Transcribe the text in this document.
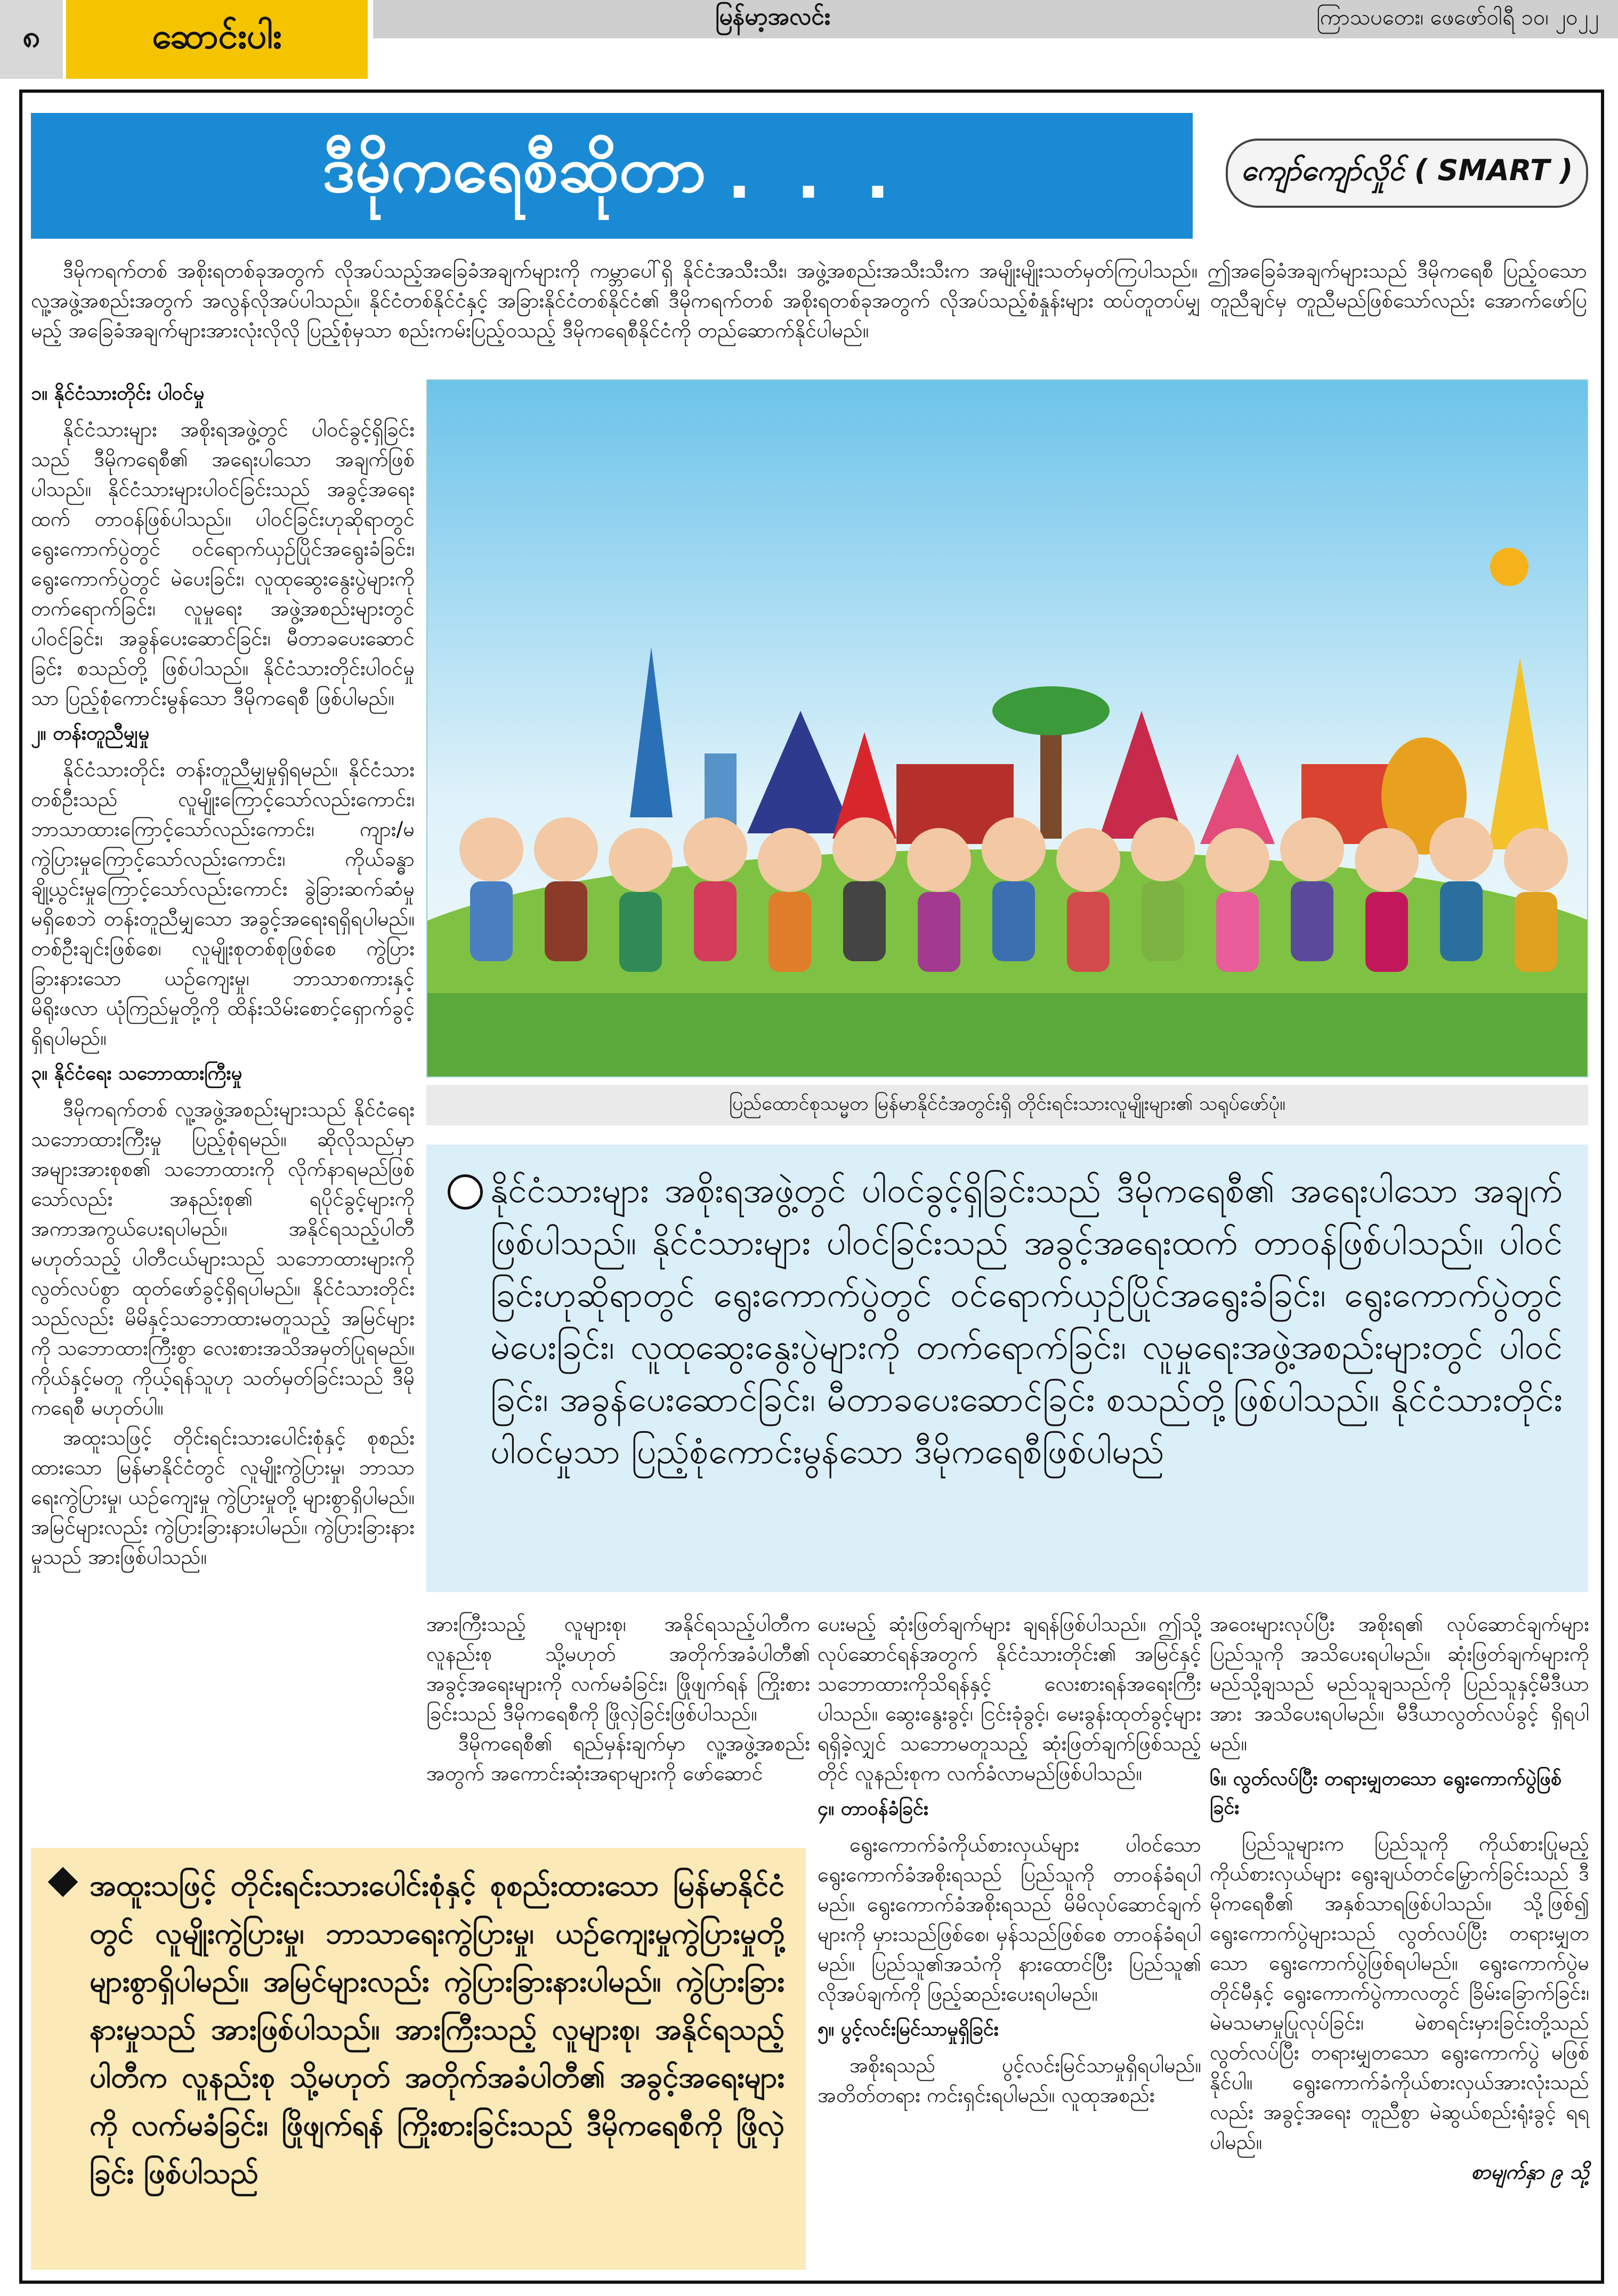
၈	ဆောင်းပါး	မြန်မာ့အလင်း	ကြာသပတေး၊ ဖေဖော်ဝါရီ ၁၀၊ ၂၀၂၂
ဒီမိုကရေစီဆိုတာ . . .	ကျော်ကျော်လှိုင် ( SMART )

ဒီမိုကရက်တစ် အစိုးရတစ်ခုအတွက် လိုအပ်သည့်အခြေခံအချက်များကို ကမ္ဘာပေါ်ရှိ နိုင်ငံအသီးသီး၊ အဖွဲ့အစည်းအသီးသီးက အမျိုးမျိုးသတ်မှတ်ကြပါသည်။ ဤအခြေခံအချက်များသည် ဒီမိုကရေစီ ပြည့်ဝသော လူ့အဖွဲ့အစည်းအတွက် အလွန်လိုအပ်ပါသည်။ နိုင်ငံတစ်နိုင်ငံနှင့် အခြားနိုင်ငံတစ်နိုင်ငံ၏ ဒီမိုကရက်တစ် အစိုးရတစ်ခုအတွက် လိုအပ်သည့်စံနှုန်းများ ထပ်တူတပ်မျှ တူညီချင်မှ တူညီမည်ဖြစ်သော်လည်း အောက်ဖော်ပြမည့် အခြေခံအချက်များအားလုံးလိုလို ပြည့်စုံမှသာ စည်းကမ်းပြည့်ဝသည့် ဒီမိုကရေစီနိုင်ငံကို တည်ဆောက်နိုင်ပါမည်။

၁။ နိုင်ငံသားတိုင်း ပါဝင်မှု

နိုင်ငံသားများ အစိုးရအဖွဲ့တွင် ပါဝင်ခွင့်ရှိခြင်းသည် ဒီမိုကရေစီ၏ အရေးပါသော အချက်ဖြစ်ပါသည်။ နိုင်ငံသားများပါဝင်ခြင်းသည် အခွင့်အရေးထက် တာဝန်ဖြစ်ပါသည်။ ပါဝင်ခြင်းဟုဆိုရာတွင် ရွေးကောက်ပွဲတွင် ဝင်ရောက်ယှဉ်ပြိုင်အရွေးခံခြင်း၊ ရွေးကောက်ပွဲတွင် မဲပေးခြင်း၊ လူထုဆွေးနွေးပွဲများကို တက်ရောက်ခြင်း၊ လူမှုရေး အဖွဲ့အစည်းများတွင် ပါဝင်ခြင်း၊ အခွန်ပေးဆောင်ခြင်း၊ မီတာခပေးဆောင်ခြင်း စသည်တို့ ဖြစ်ပါသည်။ နိုင်ငံသားတိုင်းပါဝင်မှုသာ ပြည့်စုံကောင်းမွန်သော ဒီမိုကရေစီ ဖြစ်ပါမည်။

၂။ တန်းတူညီမျှမှု

နိုင်ငံသားတိုင်း တန်းတူညီမျှမှုရှိရမည်။ နိုင်ငံသားတစ်ဦးသည် လူမျိုးကြောင့်သော်လည်းကောင်း၊ ဘာသာထားကြောင့်သော်လည်းကောင်း၊ ကျား/မ ကွဲပြားမှုကြောင့်သော်လည်းကောင်း၊ ကိုယ်ခန္ဓာ ချို့ယွင်းမှုကြောင့်သော်လည်းကောင်း ခွဲခြားဆက်ဆံမှုမရှိစေဘဲ တန်းတူညီမျှသော အခွင့်အရေးရရှိရပါမည်။ တစ်ဦးချင်းဖြစ်စေ၊ လူမျိုးစုတစ်စုဖြစ်စေ ကွဲပြားခြားနားသော ယဉ်ကျေးမှု၊ ဘာသာစကားနှင့် မိရိုးဖလာ ယုံကြည်မှုတို့ကို ထိန်းသိမ်းစောင့်ရှောက်ခွင့်ရှိရပါမည်။

၃။ နိုင်ငံရေး သဘောထားကြီးမှု

ဒီမိုကရက်တစ် လူ့အဖွဲ့အစည်းများသည် နိုင်ငံရေး သဘောထားကြီးမှု ပြည့်စုံရမည်။ ဆိုလိုသည်မှာ အများအားစုစ၏ သဘောထားကို လိုက်နာရမည်ဖြစ်သော်လည်း အနည်းစု၏ ရပိုင်ခွင့်များကို အကာအကွယ်ပေးရပါမည်။ အနိုင်ရသည့်ပါတီ မဟုတ်သည့် ပါတီငယ်များသည် သဘောထားများကို လွတ်လပ်စွာ ထုတ်ဖော်ခွင့်ရှိရပါမည်။ နိုင်ငံသားတိုင်းသည်လည်း မိမိနှင့်သဘောထားမတူသည့် အမြင်များကို သဘောထားကြီးစွာ လေးစားအသိအမှတ်ပြုရမည်။ ကိုယ်နှင့်မတူ ကိုယ့်ရန်သူဟု သတ်မှတ်ခြင်းသည် ဒီမိုကရေစီ မဟုတ်ပါ။

အထူးသဖြင့် တိုင်းရင်းသားပေါင်းစုံနှင့် စုစည်းထားသော မြန်မာနိုင်ငံတွင် လူမျိုးကွဲပြားမှု၊ ဘာသာရေးကွဲပြားမှု၊ ယဉ်ကျေးမှု ကွဲပြားမှုတို့ များစွာရှိပါမည်။ အမြင်များလည်း ကွဲပြားခြားနားပါမည်။ ကွဲပြားခြားနားမှုသည် အားဖြစ်ပါသည်။

ပြည်ထောင်စုသမ္မတ မြန်မာနိုင်ငံအတွင်းရှိ တိုင်းရင်းသားလူမျိုးများ၏ သရုပ်ဖော်ပုံ။
နိုင်ငံသားများ အစိုးရအဖွဲ့တွင် ပါဝင်ခွင့်ရှိခြင်းသည် ဒီမိုကရေစီ၏ အရေးပါသော အချက်ဖြစ်ပါသည်။ နိုင်ငံသားများ ပါဝင်ခြင်းသည် အခွင့်အရေးထက် တာဝန်ဖြစ်ပါသည်။ ပါဝင်ခြင်းဟုဆိုရာတွင် ရွေးကောက်ပွဲတွင် ဝင်ရောက်ယှဉ်ပြိုင်အရွေးခံခြင်း၊ ရွေးကောက်ပွဲတွင် မဲပေးခြင်း၊ လူထုဆွေးနွေးပွဲများကို တက်ရောက်ခြင်း၊ လူမှုရေးအဖွဲ့အစည်းများတွင် ပါဝင်ခြင်း၊ အခွန်ပေးဆောင်ခြင်း၊ မီတာခပေးဆောင်ခြင်း စသည်တို့ဖြစ်ပါသည်။ နိုင်ငံသားတိုင်းပါဝင်မှုသာ ပြည့်စုံကောင်းမွန်သော ဒီမိုကရေစီဖြစ်ပါမည်

အားကြီးသည့် လူများစု၊ အနိုင်ရသည့်ပါတီက လူနည်းစု သို့မဟုတ် အတိုက်အခံပါတီ၏ အခွင့်အရေးများကို လက်မခံခြင်း၊ ဖြိုဖျက်ရန် ကြိုးစားခြင်းသည် ဒီမိုကရေစီကို ဖြိုလှဲခြင်းဖြစ်ပါသည်။

ဒီမိုကရေစီ၏ ရည်မှန်းချက်မှာ လူ့အဖွဲ့အစည်းအတွက် အကောင်းဆုံးအရာများကို ဖော်ဆောင်

ပေးမည့် ဆုံးဖြတ်ချက်များ ချရန်ဖြစ်ပါသည်။ ဤသို့ လုပ်ဆောင်ရန်အတွက် နိုင်ငံသားတိုင်း၏ အမြင်နှင့် သဘောထားကိုသိရန်နှင့် လေးစားရန်အရေးကြီးပါသည်။ ဆွေးနွေးခွင့်၊ ငြင်းခုံခွင့်၊ မေးခွန်းထုတ်ခွင့်များရရှိခဲ့လျှင် သဘောမတူသည့် ဆုံးဖြတ်ချက်ဖြစ်သည့်တိုင် လူနည်းစုက လက်ခံလာမည်ဖြစ်ပါသည်။

၄။ တာဝန်ခံခြင်း

ရွေးကောက်ခံကိုယ်စားလှယ်များ ပါဝင်သော ရွေးကောက်ခံအစိုးရသည် ပြည်သူကို တာဝန်ခံရပါမည်။ ရွေးကောက်ခံအစိုးရသည် မိမိလုပ်ဆောင်ချက်များကို မှားသည်ဖြစ်စေ၊ မှန်သည်ဖြစ်စေ တာဝန်ခံရပါမည်။ ပြည်သူ၏အသံကို နားထောင်ပြီး ပြည်သူ၏ လိုအပ်ချက်ကို ဖြည့်ဆည်းပေးရပါမည်။

၅။ ပွင့်လင်းမြင်သာမှုရှိခြင်း

အစိုးရသည် ပွင့်လင်းမြင်သာမှုရှိရပါမည်။ အတိတ်တရား ကင်းရှင်းရပါမည်။ လူထုအစည်း

အဝေးများလုပ်ပြီး အစိုးရ၏ လုပ်ဆောင်ချက်များ ပြည်သူကို အသိပေးရပါမည်။ ဆုံးဖြတ်ချက်များကို မည်သို့ချသည် မည်သူချသည်ကို ပြည်သူနှင့်မီဒီယာအား အသိပေးရပါမည်။ မီဒီယာလွတ်လပ်ခွင့် ရှိရပါမည်။

၆။ လွတ်လပ်ပြီး တရားမျှတသော ရွေးကောက်ပွဲဖြစ်ခြင်း

ပြည်သူများက ပြည်သူကို ကိုယ်စားပြုမည့် ကိုယ်စားလှယ်များ ရွေးချယ်တင်မြှောက်ခြင်းသည် ဒီမိုကရေစီ၏ အနှစ်သာရဖြစ်ပါသည်။ သို့ဖြစ်၍ ရွေးကောက်ပွဲများသည် လွတ်လပ်ပြီး တရားမျှတသော ရွေးကောက်ပွဲဖြစ်ရပါမည်။ ရွေးကောက်ပွဲမတိုင်မီနှင့် ရွေးကောက်ပွဲကာလတွင် ခြိမ်းခြောက်ခြင်း၊ မဲမသမာမှုပြုလုပ်ခြင်း၊ မဲစာရင်းမှားခြင်းတို့သည် လွတ်လပ်ပြီး တရားမျှတသော ရွေးကောက်ပွဲ မဖြစ်နိုင်ပါ။ ရွေးကောက်ခံကိုယ်စားလှယ်အားလုံးသည်လည်း အခွင့်အရေး တူညီစွာ မဲဆွယ်စည်းရုံးခွင့် ရရပါမည်။

စာမျက်နှာ ၉ သို့

အထူးသဖြင့် တိုင်းရင်းသားပေါင်းစုံနှင့် စုစည်းထားသော မြန်မာနိုင်ငံတွင် လူမျိုးကွဲပြားမှု၊ ဘာသာရေးကွဲပြားမှု၊ ယဉ်ကျေးမှုကွဲပြားမှုတို့ များစွာရှိပါမည်။ အမြင်များလည်း ကွဲပြားခြားနားပါမည်။ ကွဲပြားခြားနားမှုသည် အားဖြစ်ပါသည်။ အားကြီးသည့် လူများစု၊ အနိုင်ရသည့် ပါတီက လူနည်းစု သို့မဟုတ် အတိုက်အခံပါတီ၏ အခွင့်အရေးများကို လက်မခံခြင်း၊ ဖြိုဖျက်ရန် ကြိုးစားခြင်းသည် ဒီမိုကရေစီကို ဖြိုလှဲခြင်း ဖြစ်ပါသည်
